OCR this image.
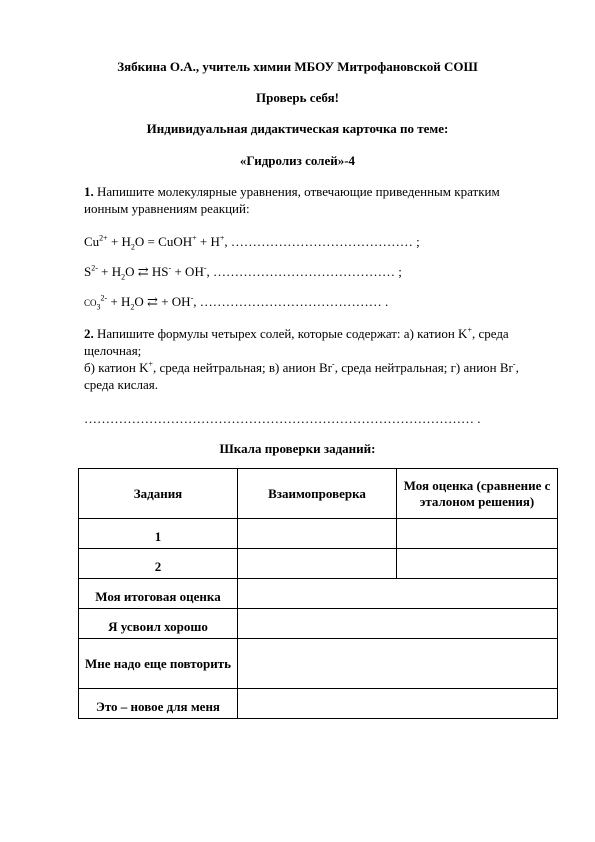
Зябкина О.А., учитель химии МБОУ Митрофановской СОШ
Проверь себя!
Индивидуальная дидактическая карточка по теме:
«Гидролиз солей»-4
1. Напишите молекулярные уравнения, отвечающие приведенным кратким ионным уравнениям реакций:
$Cu^{2+} + H_2O$ = CuOH+ + H+, …………………………………… ;
$S^{2-} + H_2O$ ⇄ HS- + OH-, …………………………………… ;
$CO_3^{2-} + H_2O$ ⇄ + OH-, …………………………………… .
2. Напишите формулы четырех солей, которые содержат: а) катион K+, среда щелочная;
б) катион K+, среда нейтральная; в) анион Br-, среда нейтральная; г) анион Br-, среда кислая.
……………………………………………………………………………… .
Шкала проверки заданий:
Задания	Взаимопроверка	Моя оценка (сравнение с эталоном решения)
1		
2		
Моя итоговая оценка		
Я усвоил хорошо		
Мне надо еще повторить		
Это – новое для меня		
